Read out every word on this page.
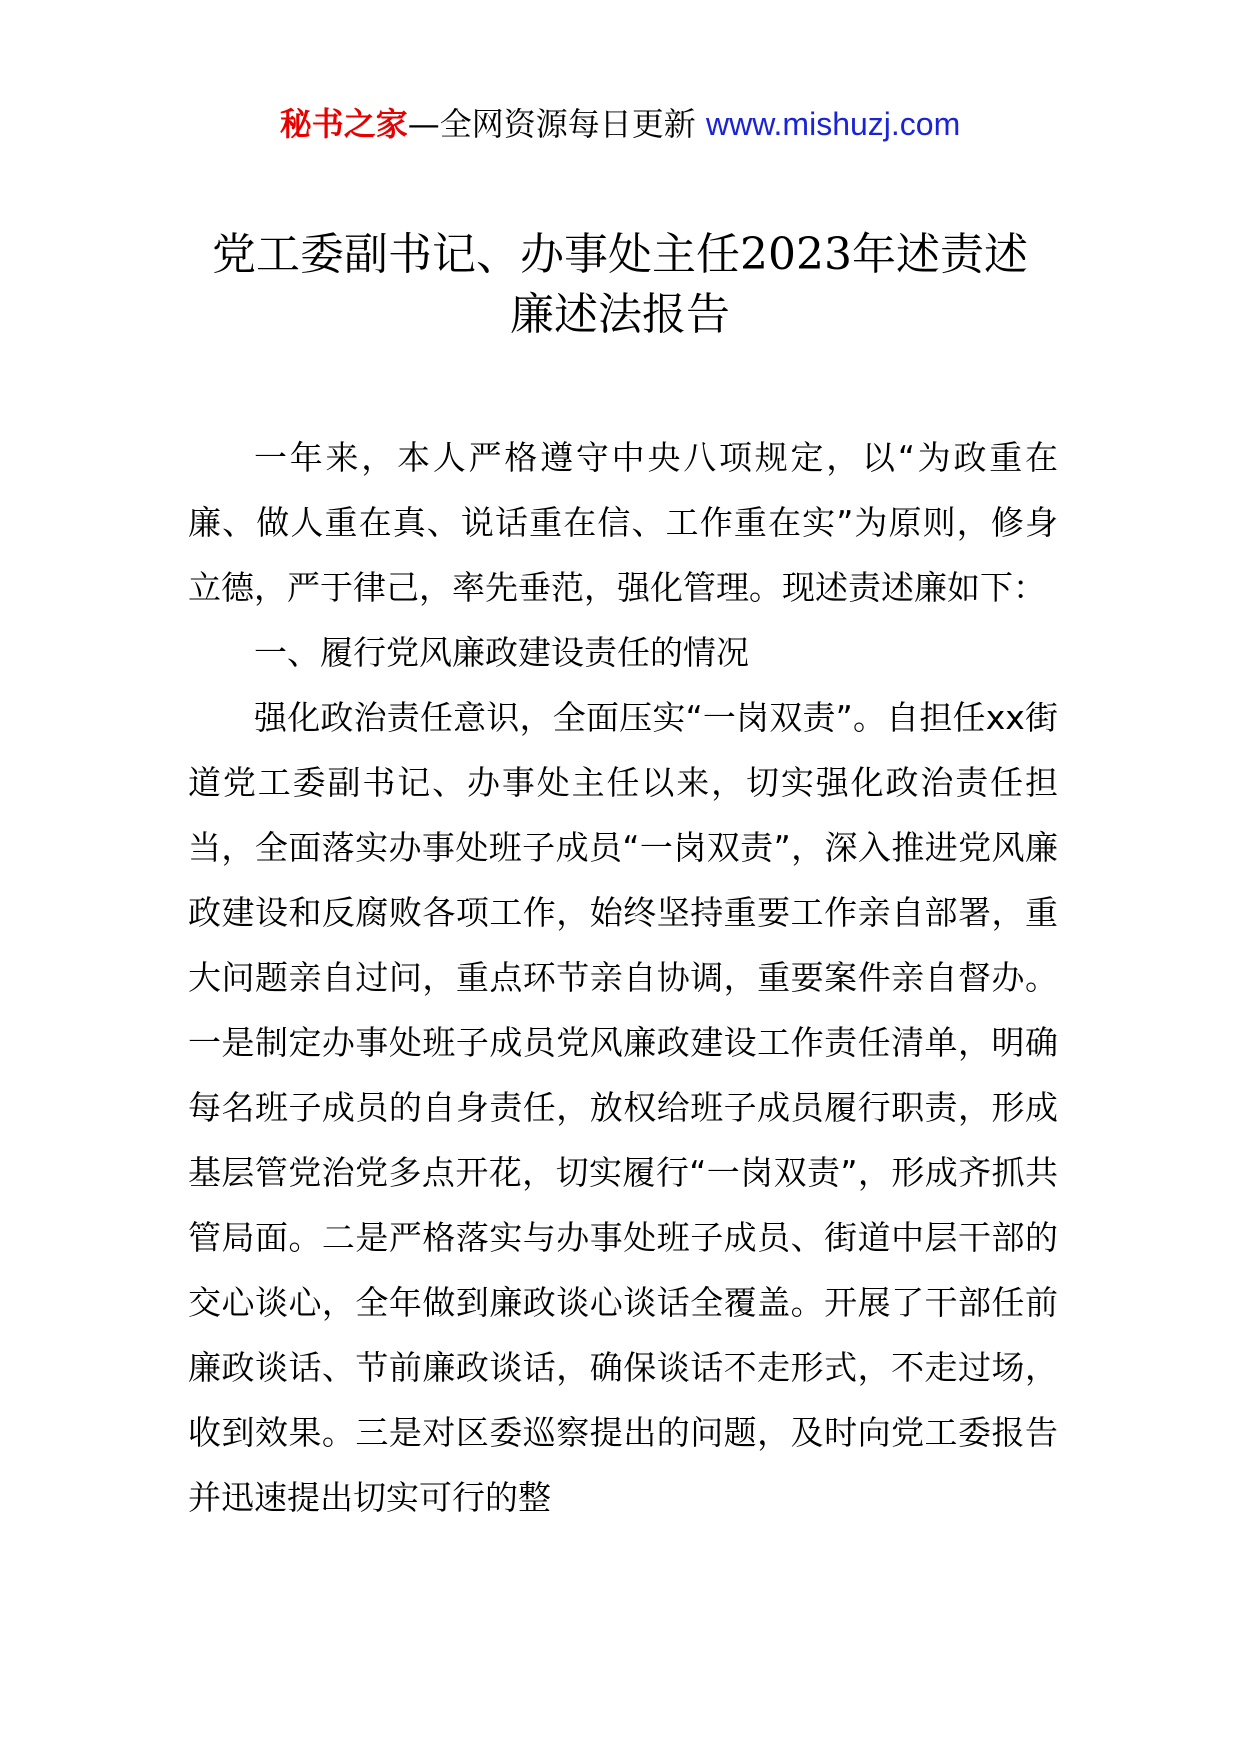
秘书之家—全网资源每日更新 www.mishuzj.com
党工委副书记、办事处主任2023年述责述
廉述法报告

一年来，本人严格遵守中央八项规定，以“为政重在廉、做人重在真、说话重在信、工作重在实”为原则，修身立德，严于律己，率先垂范，强化管理。现述责述廉如下：

一、履行党风廉政建设责任的情况

强化政治责任意识，全面压实“一岗双责”。自担任xx街道党工委副书记、办事处主任以来，切实强化政治责任担当，全面落实办事处班子成员“一岗双责”，深入推进党风廉政建设和反腐败各项工作，始终坚持重要工作亲自部署，重大问题亲自过问，重点环节亲自协调，重要案件亲自督办。一是制定办事处班子成员党风廉政建设工作责任清单，明确每名班子成员的自身责任，放权给班子成员履行职责，形成基层管党治党多点开花，切实履行“一岗双责”，形成齐抓共管局面。二是严格落实与办事处班子成员、街道中层干部的交心谈心，全年做到廉政谈心谈话全覆盖。开展了干部任前廉政谈话、节前廉政谈话，确保谈话不走形式，不走过场，收到效果。三是对区委巡察提出的问题，及时向党工委报告并迅速提出切实可行的整
